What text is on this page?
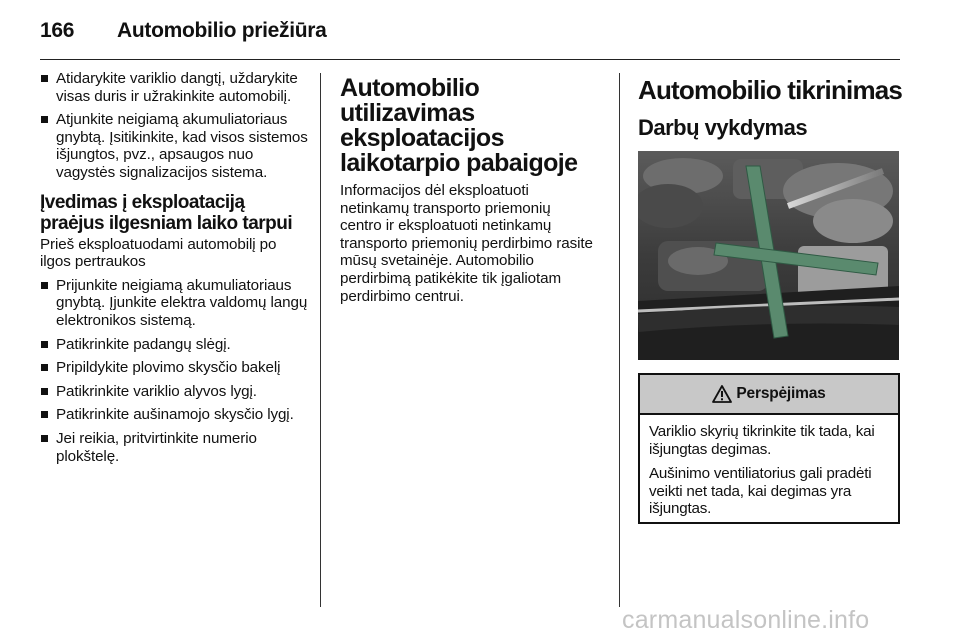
166 Automobilio priežiūra
Atidarykite variklio dangtį, uždarykite visas duris ir užrakinkite automobilį.
Atjunkite neigiamą akumuliatoriaus gnybtą. Įsitikinkite, kad visos sistemos išjungtos, pvz., apsaugos nuo vagystės signalizacijos sistema.
Įvedimas į eksploataciją praėjus ilgesniam laiko tarpui
Prieš eksploatuodami automobilį po ilgos pertraukos
Prijunkite neigiamą akumuliatoriaus gnybtą. Įjunkite elektra valdomų langų elektronikos sistemą.
Patikrinkite padangų slėgį.
Pripildykite plovimo skysčio bakelį
Patikrinkite variklio alyvos lygį.
Patikrinkite aušinamojo skysčio lygį.
Jei reikia, pritvirtinkite numerio plokštelę.
Automobilio utilizavimas eksploatacijos laikotarpio pabaigoje
Informacijos dėl eksploatuoti netinkamų transporto priemonių centro ir eksploatuoti netinkamų transporto priemonių perdirbimo rasite mūsų svetainėje. Automobilio perdirbimą patikėkite tik įgaliotam perdirbimo centrui.
Automobilio tikrinimas
Darbų vykdymas
Perspėjimas

Variklio skyrių tikrinkite tik tada, kai išjungtas degimas.

Aušinimo ventiliatorius gali pradėti veikti net tada, kai degimas yra išjungtas.

carmanualsonline.info
